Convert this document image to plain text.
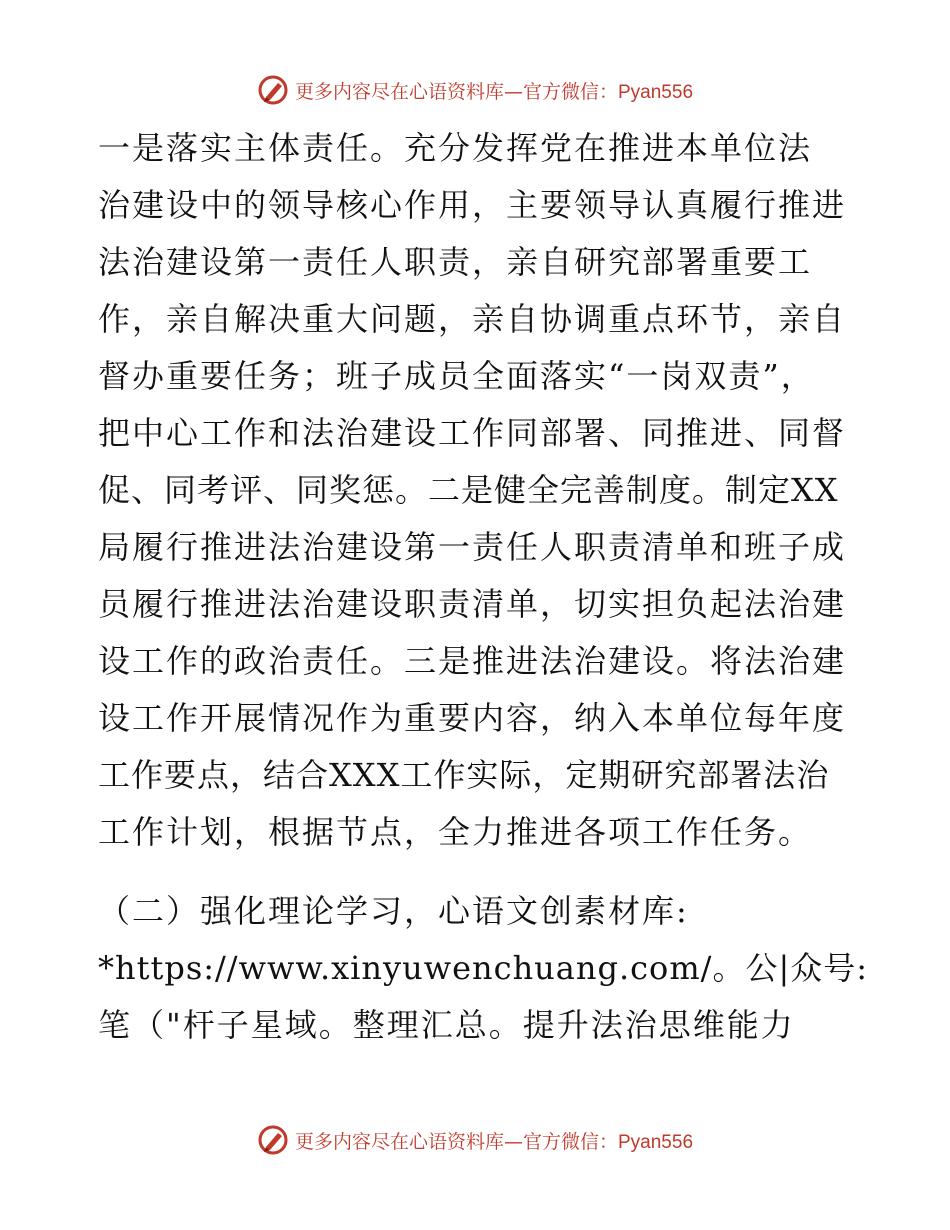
更多内容尽在心语资料库—官方微信：Pyan556
一是落实主体责任。充分发挥党在推进本单位法
治建设中的领导核心作用，主要领导认真履行推进
法治建设第一责任人职责，亲自研究部署重要工
作，亲自解决重大问题，亲自协调重点环节，亲自
督办重要任务；班子成员全面落实“一岗双责”，
把中心工作和法治建设工作同部署、同推进、同督
促、同考评、同奖惩。二是健全完善制度。制定XX
局履行推进法治建设第一责任人职责清单和班子成
员履行推进法治建设职责清单，切实担负起法治建
设工作的政治责任。三是推进法治建设。将法治建
设工作开展情况作为重要内容，纳入本单位每年度
工作要点，结合XXX工作实际，定期研究部署法治
工作计划，根据节点，全力推进各项工作任务。
（二）强化理论学习，心语文创素材库:
*https://www.xinyuwenchuang.com/。公|众号:
笔（"杆子星域。整理汇总。提升法治思维能力
更多内容尽在心语资料库—官方微信：Pyan556
